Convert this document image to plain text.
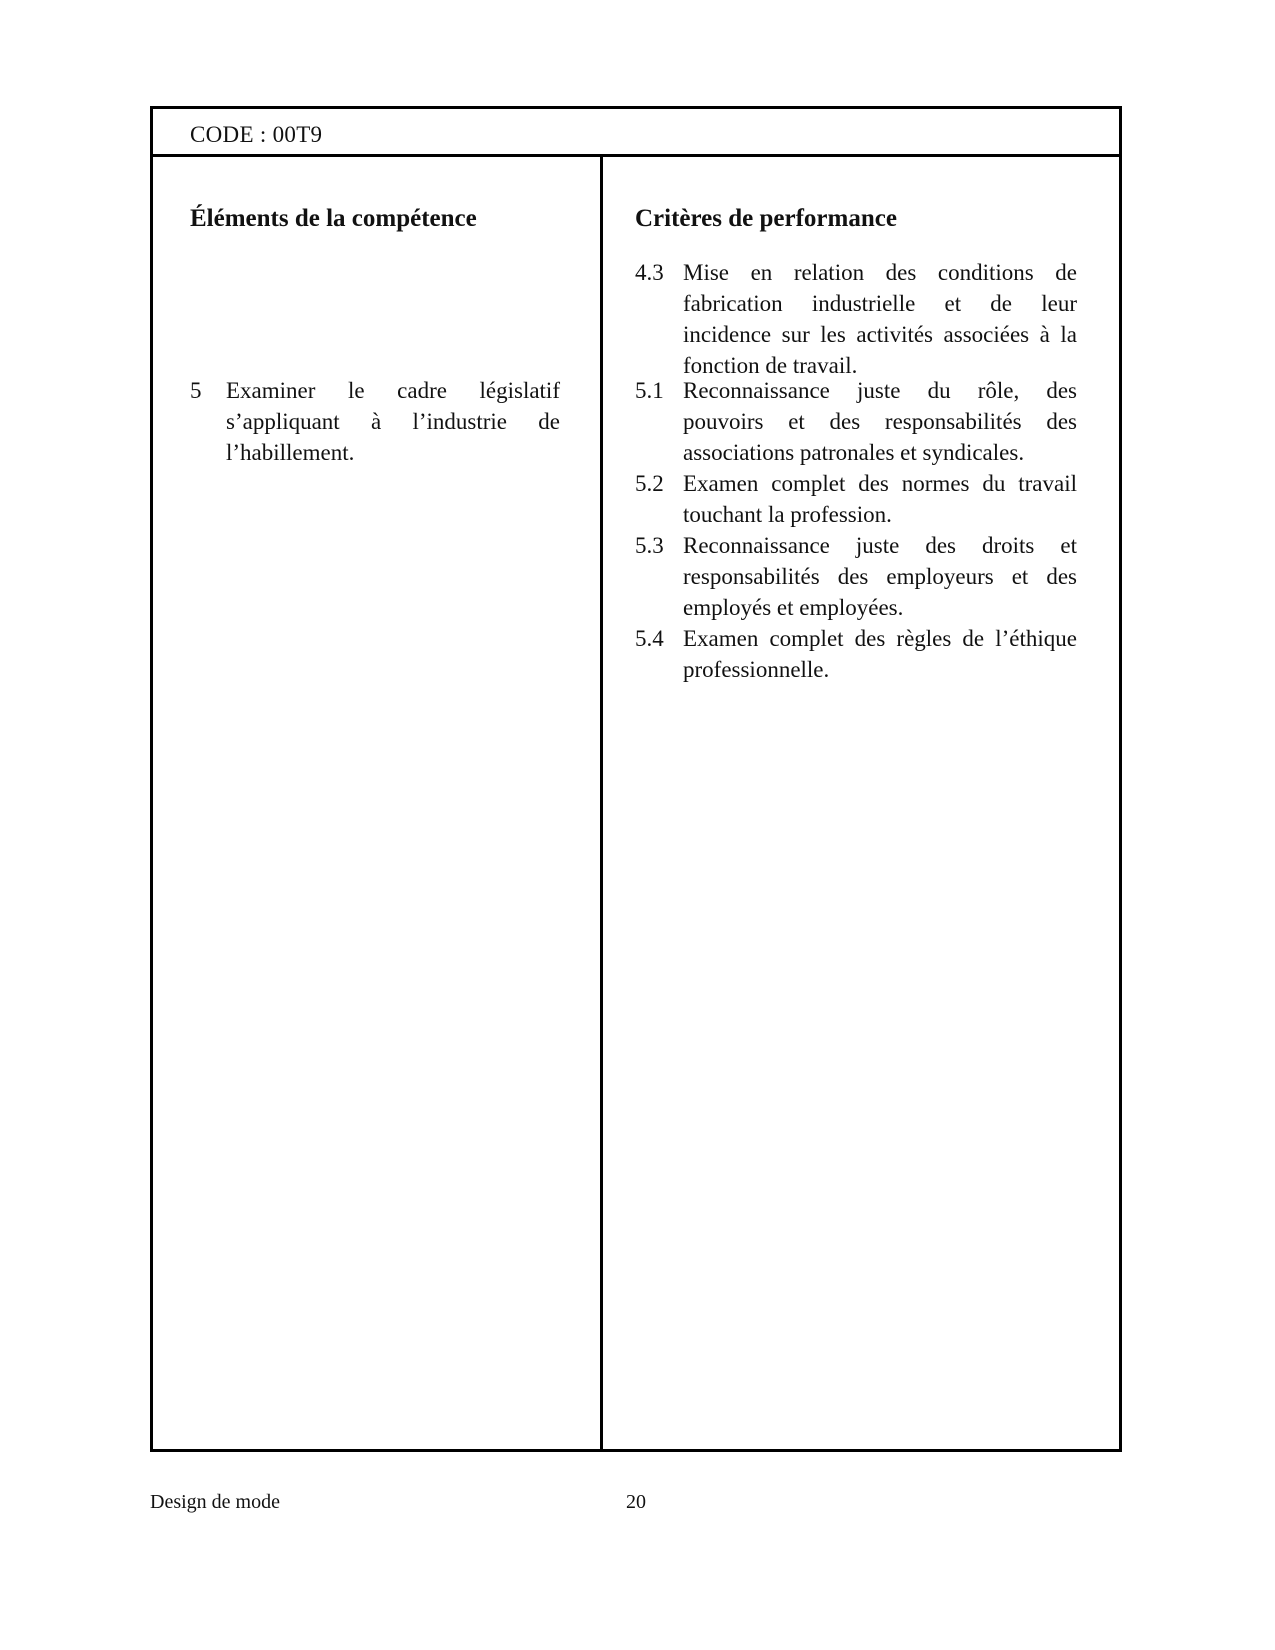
CODE : 00T9
Éléments de la compétence	Critères de performance
5 Examiner le cadre législatif s’appliquant à l’industrie de l’habillement.
4.3 Mise en relation des conditions de fabrication industrielle et de leur incidence sur les activités associées à la fonction de travail.
5.1 Reconnaissance juste du rôle, des pouvoirs et des responsabilités des associations patronales et syndicales.
5.2 Examen complet des normes du travail touchant la profession.
5.3 Reconnaissance juste des droits et responsabilités des employeurs et des employés et employées.
5.4 Examen complet des règles de l’éthique professionnelle.
Design de mode	20
